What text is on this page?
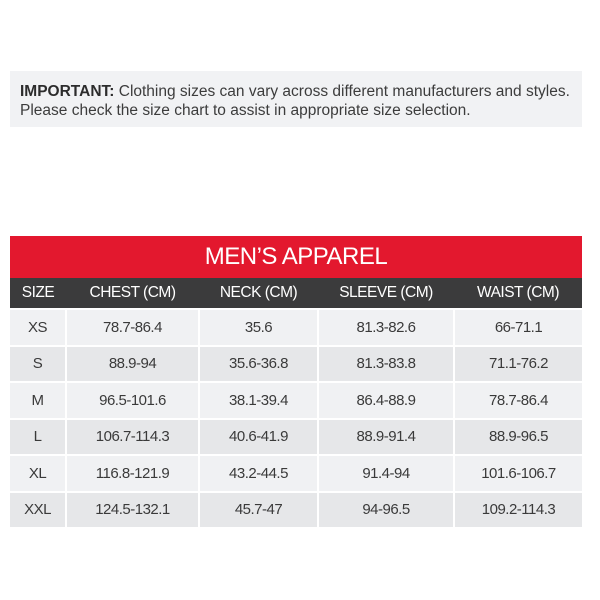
IMPORTANT: Clothing sizes can vary across different manufacturers and styles. Please check the size chart to assist in appropriate size selection.
MEN’S APPAREL
SIZE	CHEST (CM)	NECK (CM)	SLEEVE (CM)	WAIST (CM)
XS	78.7-86.4	35.6	81.3-82.6	66-71.1
S	88.9-94	35.6-36.8	81.3-83.8	71.1-76.2
M	96.5-101.6	38.1-39.4	86.4-88.9	78.7-86.4
L	106.7-114.3	40.6-41.9	88.9-91.4	88.9-96.5
XL	116.8-121.9	43.2-44.5	91.4-94	101.6-106.7
XXL	124.5-132.1	45.7-47	94-96.5	109.2-114.3
